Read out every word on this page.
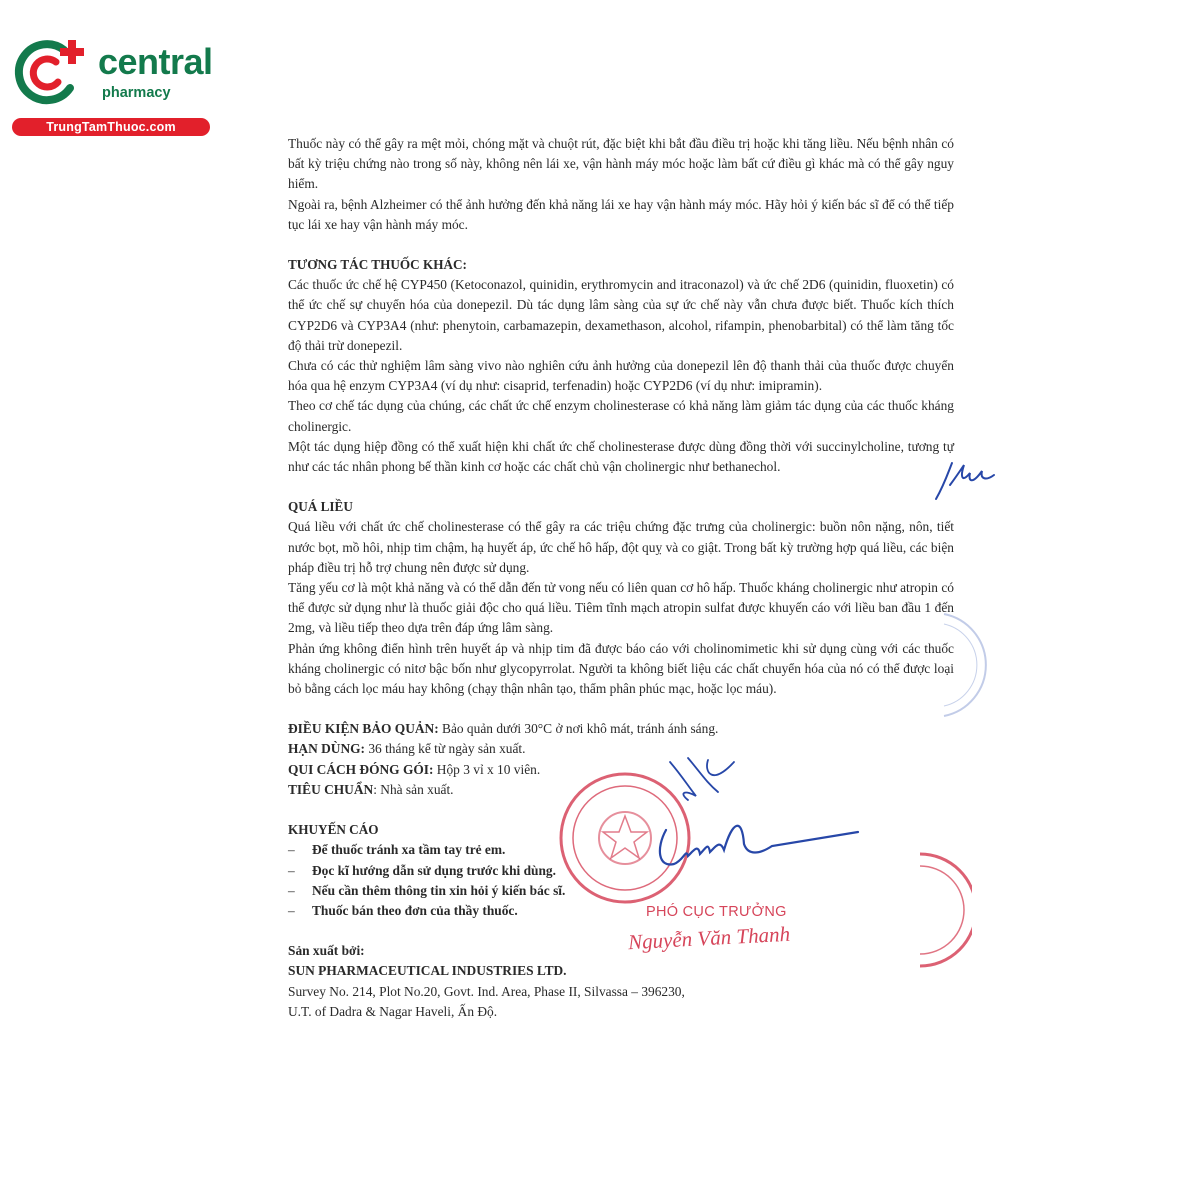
central
pharmacy
TrungTamThuoc.com

Thuốc này có thể gây ra mệt mỏi, chóng mặt và chuột rút, đặc biệt khi bắt đầu điều trị hoặc khi tăng liều. Nếu bệnh nhân có bất kỳ triệu chứng nào trong số này, không nên lái xe, vận hành máy móc hoặc làm bất cứ điều gì khác mà có thể gây nguy hiểm.

Ngoài ra, bệnh Alzheimer có thể ảnh hưởng đến khả năng lái xe hay vận hành máy móc. Hãy hỏi ý kiến bác sĩ để có thể tiếp tục lái xe hay vận hành máy móc.

TƯƠNG TÁC THUỐC KHÁC:

Các thuốc ức chế hệ CYP450 (Ketoconazol, quinidin, erythromycin and itraconazol) và ức chế 2D6 (quinidin, fluoxetin) có thể ức chế sự chuyển hóa của donepezil. Dù tác dụng lâm sàng của sự ức chế này vẫn chưa được biết. Thuốc kích thích CYP2D6 và CYP3A4 (như: phenytoin, carbamazepin, dexamethason, alcohol, rifampin, phenobarbital) có thể làm tăng tốc độ thải trừ donepezil.

Chưa có các thử nghiệm lâm sàng vivo nào nghiên cứu ảnh hưởng của donepezil lên độ thanh thải của thuốc được chuyển hóa qua hệ enzym CYP3A4 (ví dụ như: cisaprid, terfenadin) hoặc CYP2D6 (ví dụ như: imipramin).

Theo cơ chế tác dụng của chúng, các chất ức chế enzym cholinesterase có khả năng làm giảm tác dụng của các thuốc kháng cholinergic.

Một tác dụng hiệp đồng có thể xuất hiện khi chất ức chế cholinesterase được dùng đồng thời với succinylcholine, tương tự như các tác nhân phong bế thần kinh cơ hoặc các chất chủ vận cholinergic như bethanechol.

QUÁ LIỀU

Quá liều với chất ức chế cholinesterase có thể gây ra các triệu chứng đặc trưng của cholinergic: buồn nôn nặng, nôn, tiết nước bọt, mồ hôi, nhịp tim chậm, hạ huyết áp, ức chế hô hấp, đột quỵ và co giật. Trong bất kỳ trường hợp quá liều, các biện pháp điều trị hỗ trợ chung nên được sử dụng.

Tăng yếu cơ là một khả năng và có thể dẫn đến tử vong nếu có liên quan cơ hô hấp. Thuốc kháng cholinergic như atropin có thể được sử dụng như là thuốc giải độc cho quá liều. Tiêm tĩnh mạch atropin sulfat được khuyến cáo với liều ban đầu 1 đến 2mg, và liều tiếp theo dựa trên đáp ứng lâm sàng.

Phản ứng không điển hình trên huyết áp và nhịp tim đã được báo cáo với cholinomimetic khi sử dụng cùng với các thuốc kháng cholinergic có nitơ bậc bốn như glycopyrrolat. Người ta không biết liệu các chất chuyển hóa của nó có thể được loại bỏ bằng cách lọc máu hay không (chạy thận nhân tạo, thẩm phân phúc mạc, hoặc lọc máu).

ĐIỀU KIỆN BẢO QUẢN: Bảo quản dưới 30°C ở nơi khô mát, tránh ánh sáng.

HẠN DÙNG: 36 tháng kể từ ngày sản xuất.

QUI CÁCH ĐÓNG GÓI: Hộp 3 vỉ x 10 viên.

TIÊU CHUẨN: Nhà sản xuất.

KHUYẾN CÁO

– Để thuốc tránh xa tầm tay trẻ em.
– Đọc kĩ hướng dẫn sử dụng trước khi dùng.
– Nếu cần thêm thông tin xin hỏi ý kiến bác sĩ.
– Thuốc bán theo đơn của thầy thuốc.

Sản xuất bởi:

SUN PHARMACEUTICAL INDUSTRIES LTD.

Survey No. 214, Plot No.20, Govt. Ind. Area, Phase II, Silvassa – 396230,

U.T. of Dadra & Nagar Haveli, Ấn Độ.

PHÓ CỤC TRƯỞNG
Nguyễn Văn Thanh
